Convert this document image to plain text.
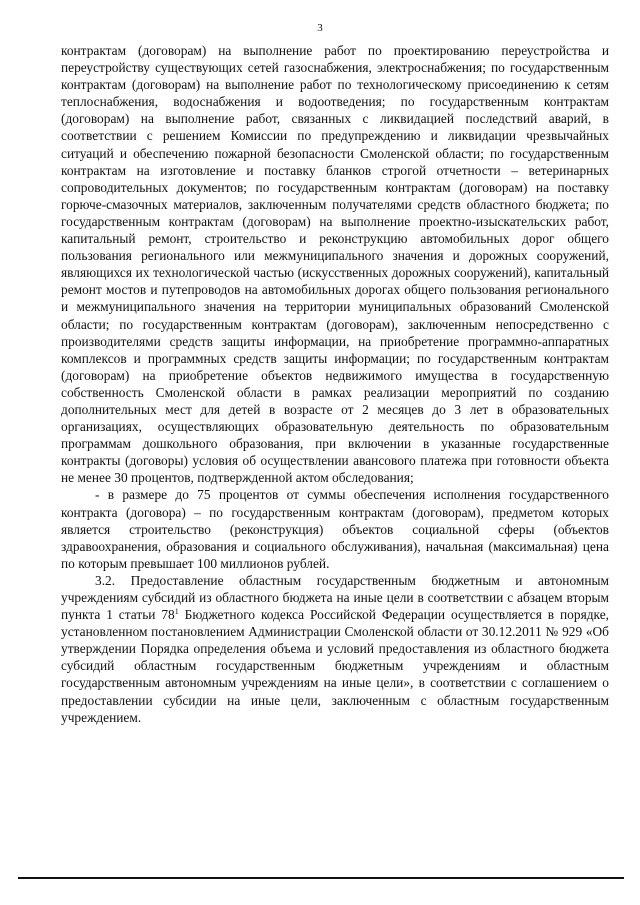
3

контрактам (договорам) на выполнение работ по проектированию переустройства и переустройству существующих сетей газоснабжения, электроснабжения; по государственным контрактам (договорам) на выполнение работ по технологическому присоединению к сетям теплоснабжения, водоснабжения и водоотведения; по государственным контрактам (договорам) на выполнение работ, связанных с ликвидацией последствий аварий, в соответствии с решением Комиссии по предупреждению и ликвидации чрезвычайных ситуаций и обеспечению пожарной безопасности Смоленской области; по государственным контрактам на изготовление и поставку бланков строгой отчетности – ветеринарных сопроводительных документов; по государственным контрактам (договорам) на поставку горюче-смазочных материалов, заключенным получателями средств областного бюджета; по государственным контрактам (договорам) на выполнение проектно-изыскательских работ, капитальный ремонт, строительство и реконструкцию автомобильных дорог общего пользования регионального или межмуниципального значения и дорожных сооружений, являющихся их технологической частью (искусственных дорожных сооружений), капитальный ремонт мостов и путепроводов на автомобильных дорогах общего пользования регионального и межмуниципального значения на территории муниципальных образований Смоленской области; по государственным контрактам (договорам), заключенным непосредственно с производителями средств защиты информации, на приобретение программно-аппаратных комплексов и программных средств защиты информации; по государственным контрактам (договорам) на приобретение объектов недвижимого имущества в государственную собственность Смоленской области в рамках реализации мероприятий по созданию дополнительных мест для детей в возрасте от 2 месяцев до 3 лет в образовательных организациях, осуществляющих образовательную деятельность по образовательным программам дошкольного образования, при включении в указанные государственные контракты (договоры) условия об осуществлении авансового платежа при готовности объекта не менее 30 процентов, подтвержденной актом обследования;

- в размере до 75 процентов от суммы обеспечения исполнения государственного контракта (договора) – по государственным контрактам (договорам), предметом которых является строительство (реконструкция) объектов социальной сферы (объектов здравоохранения, образования и социального обслуживания), начальная (максимальная) цена по которым превышает 100 миллионов рублей.

3.2. Предоставление областным государственным бюджетным и автономным учреждениям субсидий из областного бюджета на иные цели в соответствии с абзацем вторым пункта 1 статьи $78^1$ Бюджетного кодекса Российской Федерации осуществляется в порядке, установленном постановлением Администрации Смоленской области от 30.12.2011 № 929 «Об утверждении Порядка определения объема и условий предоставления из областного бюджета субсидий областным государственным бюджетным учреждениям и областным государственным автономным учреждениям на иные цели», в соответствии с соглашением о предоставлении субсидии на иные цели, заключенным с областным государственным учреждением.
